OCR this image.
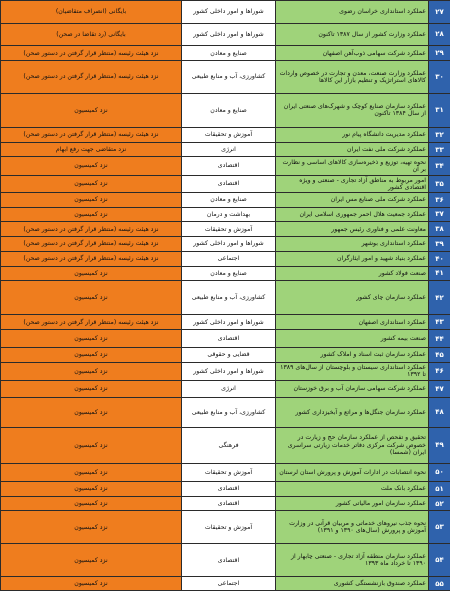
۲۷	عملکرد استانداری خراسان رضوی	شوراها و امور داخلی کشور	بایگانی (انصراف متقاضیان)
۲۸	عملکرد وزارت کشور از سال ۱۳۸۷ تاکنون	شوراها و امور داخلی کشور	بایگانی (رد تقاضا در صحن)
۲۹	عملکرد شرکت سهامی ذوب‌آهن اصفهان	صنایع و معادن	نزد هیئت رئیسه (منتظر قرار گرفتن در دستور صحن)
۳۰	عملکرد وزارت صنعت، معدن و تجارت در خصوص واردات کالاهای استراتژیک و تنظیم بازار این کالاها	کشاورزی، آب و منابع طبیعی	نزد هیئت رئیسه (منتظر قرار گرفتن در دستور صحن)
۳۱	عملکرد سازمان صنایع کوچک و شهرک‌های صنعتی ایران از سال ۱۳۸۴ تاکنون	صنایع و معادن	نزد کمیسیون
۳۲	عملکرد مدیریت دانشگاه پیام نور	آموزش و تحقیقات	نزد هیئت رئیسه (منتظر قرار گرفتن در دستور صحن)
۳۳	عملکرد شرکت ملی نفت ایران	انرژی	نزد متقاضی جهت رفع ابهام
۳۴	نحوه تهیه، توزیع و ذخیره‌سازی کالاهای اساسی و نظارت بر آن	اقتصادی	نزد کمیسیون
۳۵	امور مربوط به مناطق آزاد تجاری - صنعتی و ویژه اقتصادی کشور	اقتصادی	نزد کمیسیون
۳۶	عملکرد شرکت ملی صنایع مس ایران	صنایع و معادن	نزد کمیسیون
۳۷	عملکرد جمعیت هلال احمر جمهوری اسلامی ایران	بهداشت و درمان	نزد کمیسیون
۳۸	معاونت علمی و فناوری رئیس جمهور	آموزش و تحقیقات	نزد هیئت رئیسه (منتظر قرار گرفتن در دستور صحن)
۳۹	عملکرد استانداری بوشهر	شوراها و امور داخلی کشور	نزد هیئت رئیسه (منتظر قرار گرفتن در دستور صحن)
۴۰	عملکرد بنیاد شهید و امور ایثارگران	اجتماعی	نزد هیئت رئیسه (منتظر قرار گرفتن در دستور صحن)
۴۱	صنعت فولاد کشور	صنایع و معادن	نزد کمیسیون
۴۲	عملکرد سازمان چای کشور	کشاورزی، آب و منابع طبیعی	نزد کمیسیون
۴۳	عملکرد استانداری اصفهان	شوراها و امور داخلی کشور	نزد هیئت رئیسه (منتظر قرار گرفتن در دستور صحن)
۴۴	صنعت بیمه کشور	اقتصادی	نزد کمیسیون
۴۵	عملکرد سازمان ثبت اسناد و املاک کشور	قضایی و حقوقی	نزد کمیسیون
۴۶	عملکرد استانداری سیستان و بلوچستان از سال‌های ۱۳۸۹ تا ۱۳۹۲	شوراها و امور داخلی کشور	نزد کمیسیون
۴۷	عملکرد شرکت سهامی سازمان آب و برق خوزستان	انرژی	نزد کمیسیون
۴۸	عملکرد سازمان جنگل‌ها و مراتع و آبخیزداری کشور	کشاورزی، آب و منابع طبیعی	نزد کمیسیون
۴۹	تحقیق و تفحص از عملکرد سازمان حج و زیارت در خصوص شرکت مرکزی دفاتر خدمات زیارتی سراسری ایران (شمسا)	فرهنگی	نزد کمیسیون
۵۰	نحوه انتصابات در ادارات آموزش و پرورش استان لرستان	آموزش و تحقیقات	نزد کمیسیون
۵۱	عملکرد بانک ملت	اقتصادی	نزد کمیسیون
۵۲	عملکرد سازمان امور مالیاتی کشور	اقتصادی	نزد کمیسیون
۵۳	نحوه جذب نیروهای خدماتی و مربیان قرآنی در وزارت آموزش و پرورش (سال‌های ۱۳۹۰ و ۱۳۹۱)	آموزش و تحقیقات	نزد کمیسیون
۵۴	عملکرد سازمان منطقه آزاد تجاری - صنعتی چابهار از ۱۳۹۰ تا خرداد ماه ۱۳۹۳	اقتصادی	نزد کمیسیون
۵۵	عملکرد صندوق بازنشستگی کشوری	اجتماعی	نزد کمیسیون
